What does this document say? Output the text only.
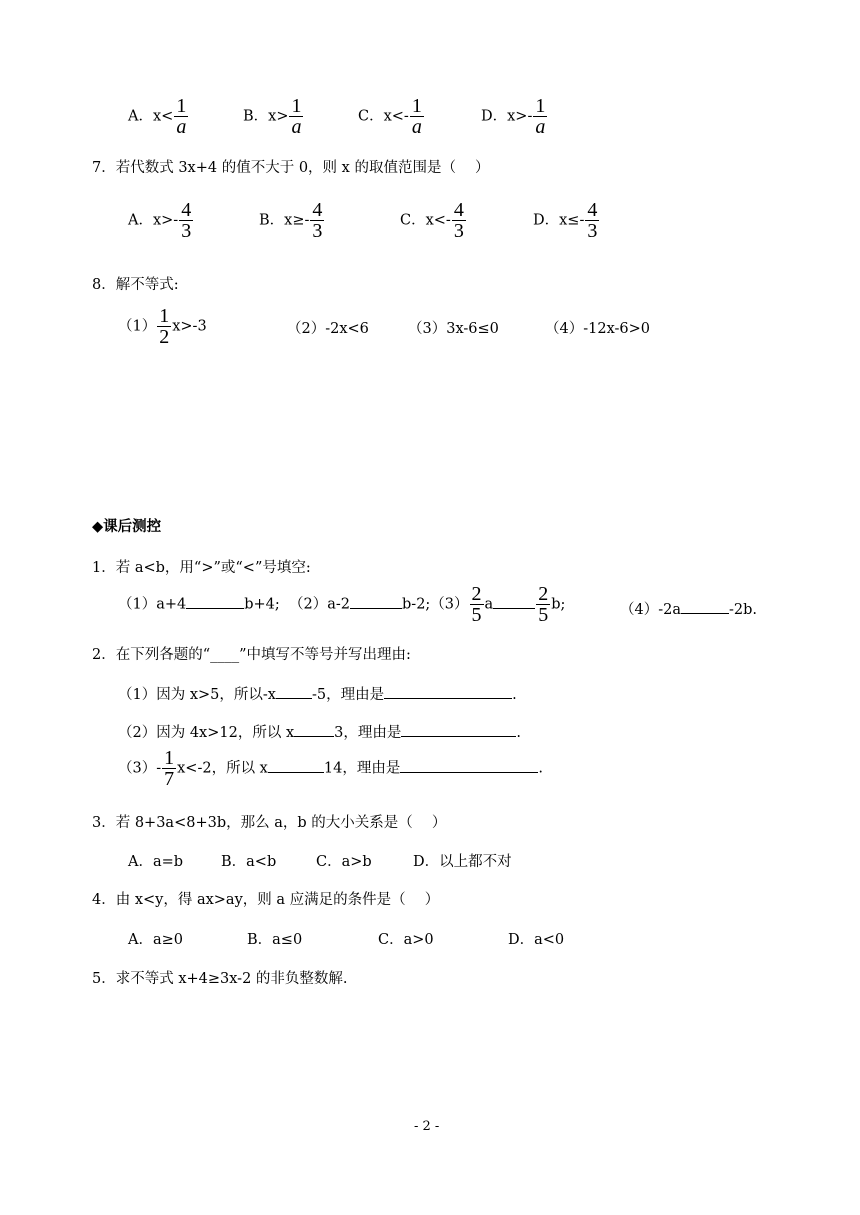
A．$x< \frac{1}{a}$	B．$x> \frac{1}{a}$	C．$x<- \frac{1}{a}$	D．$x>- \frac{1}{a}$
7．若代数式 3x+4 的值不大于 0，则 x 的取值范围是（　 ）
A．$x>- \frac{4}{3}$	B．$x\ge- \frac{4}{3}$	C．$x<- \frac{4}{3}$	D．$x\le- \frac{4}{3}$
8．解不等式:
$(1) \frac{1}{2} x>-3$	（2）-2x<6	（3）3x-6≤0	（4）-12x-6>0
◆课后测控
1．若 a<b，用“>”或“<”号填空:
（1）a+4	b+4; （2）a-2	b-2;（3） $\frac{2}{5}$ a $\frac{2}{5} b$;	（4）-2a	-2b.
2．在下列各题的“____”中填写不等号并写出理由:
（1）因为 x>5，所以-x -5，理由是	.
（2）因为 4x>12，所以 x	3，理由是	.
$(3)- \frac{1}{7} x<-2$，所以 x	14，理由是	.
3．若 8+3a<8+3b，那么 a，b 的大小关系是（　 ）
A．a=b	B．a<b	C．a>b	D．以上都不对
4．由 x<y，得 ax>ay，则 a 应满足的条件是（　 ）
A．a≥0	B．a≤0	C．a>0	D．a<0
5．求不等式 x+4≥3x-2 的非负整数解.
- 2 -
